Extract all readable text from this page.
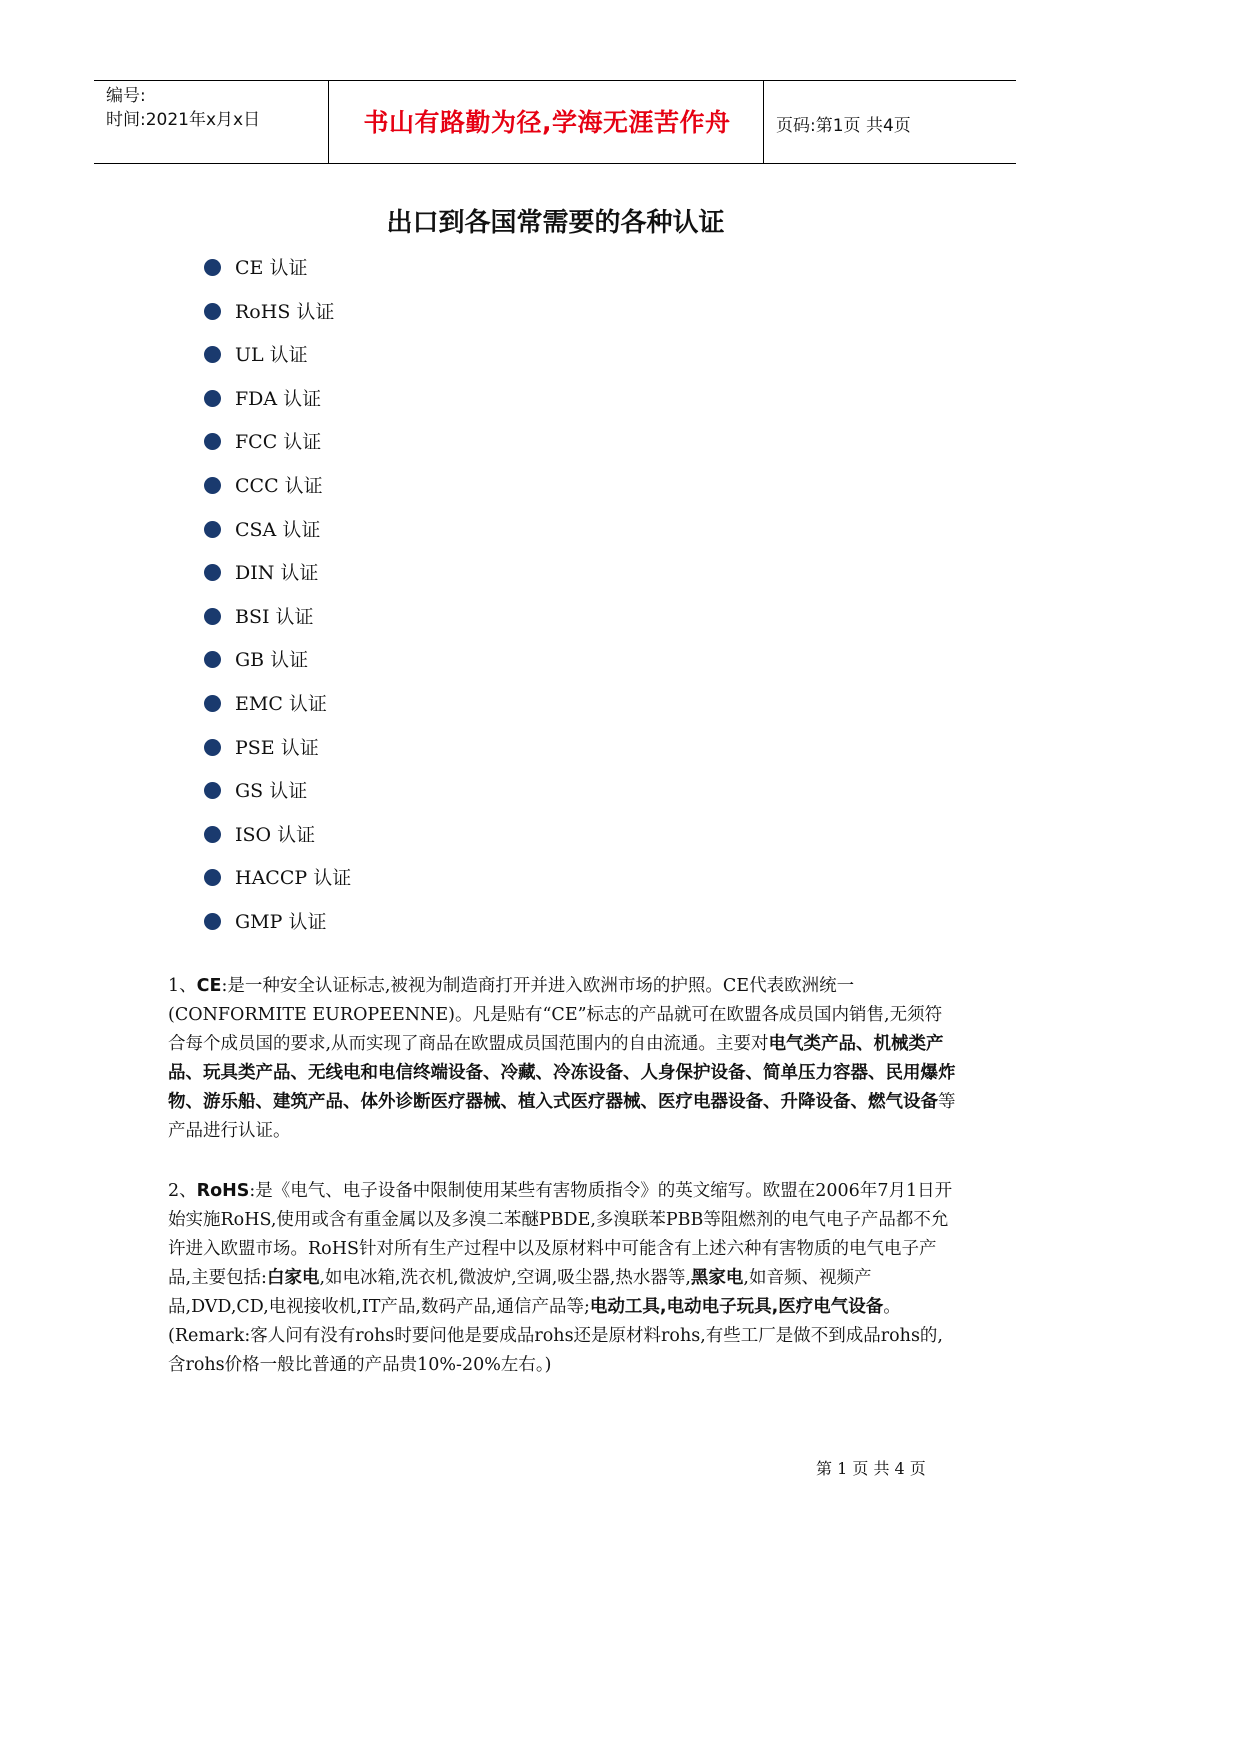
编号:
时间:2021年x月x日	书山有路勤为径,学海无涯苦作舟	页码:第1页 共4页
出口到各国常需要的各种认证
CE 认证
RoHS 认证
UL 认证
FDA 认证
FCC 认证
CCC 认证
CSA 认证
DIN 认证
BSI 认证
GB 认证
EMC 认证
PSE 认证
GS 认证
ISO 认证
HACCP 认证
GMP 认证

1、CE:是一种安全认证标志,被视为制造商打开并进入欧洲市场的护照。CE代表欧洲统一(CONFORMITE EUROPEENNE)。凡是贴有“CE”标志的产品就可在欧盟各成员国内销售,无须符合每个成员国的要求,从而实现了商品在欧盟成员国范围内的自由流通。主要对电气类产品、机械类产品、玩具类产品、无线电和电信终端设备、冷藏、冷冻设备、人身保护设备、简单压力容器、民用爆炸物、游乐船、建筑产品、体外诊断医疗器械、植入式医疗器械、医疗电器设备、升降设备、燃气设备等产品进行认证。

2、RoHS:是《电气、电子设备中限制使用某些有害物质指令》的英文缩写。欧盟在2006年7月1日开始实施RoHS,使用或含有重金属以及多溴二苯醚PBDE,多溴联苯PBB等阻燃剂的电气电子产品都不允许进入欧盟市场。RoHS针对所有生产过程中以及原材料中可能含有上述六种有害物质的电气电子产品,主要包括:白家电,如电冰箱,洗衣机,微波炉,空调,吸尘器,热水器等,黑家电,如音频、视频产品,DVD,CD,电视接收机,IT产品,数码产品,通信产品等;电动工具,电动电子玩具,医疗电气设备。(Remark:客人问有没有rohs时要问他是要成品rohs还是原材料rohs,有些工厂是做不到成品rohs的,含rohs价格一般比普通的产品贵10%-20%左右。)

第 1 页 共 4 页
